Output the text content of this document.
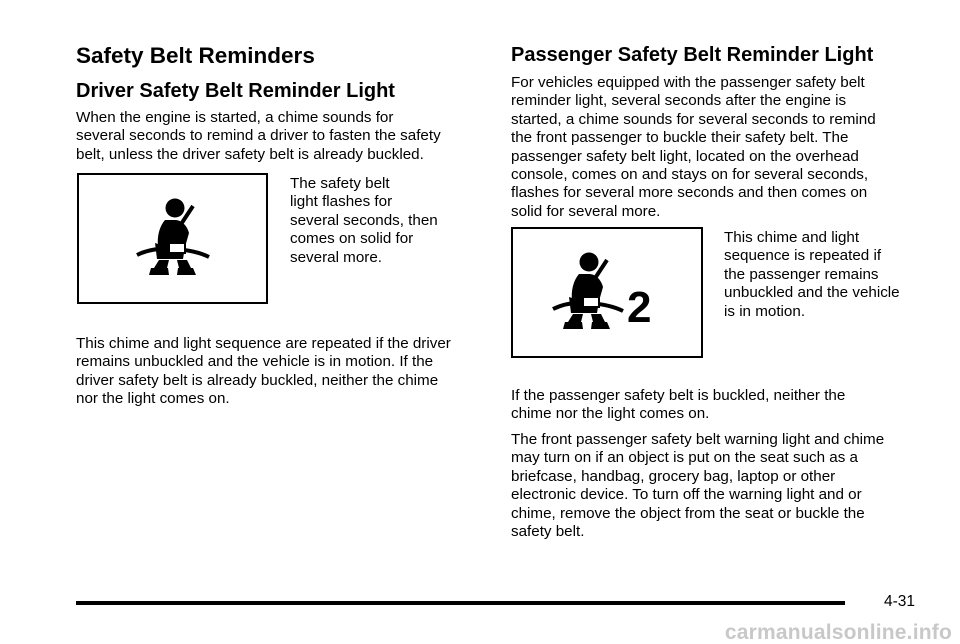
Safety Belt Reminders
Driver Safety Belt Reminder Light

When the engine is started, a chime sounds for
several seconds to remind a driver to fasten the safety
belt, unless the driver safety belt is already buckled.

The safety belt
light flashes for
several seconds, then
comes on solid for
several more.

This chime and light sequence are repeated if the driver
remains unbuckled and the vehicle is in motion. If the
driver safety belt is already buckled, neither the chime
nor the light comes on.

Passenger Safety Belt Reminder Light

For vehicles equipped with the passenger safety belt
reminder light, several seconds after the engine is
started, a chime sounds for several seconds to remind
the front passenger to buckle their safety belt. The
passenger safety belt light, located on the overhead
console, comes on and stays on for several seconds,
flashes for several more seconds and then comes on
solid for several more.

2

This chime and light
sequence is repeated if
the passenger remains
unbuckled and the vehicle
is in motion.

If the passenger safety belt is buckled, neither the
chime nor the light comes on.

The front passenger safety belt warning light and chime
may turn on if an object is put on the seat such as a
briefcase, handbag, grocery bag, laptop or other
electronic device. To turn off the warning light and or
chime, remove the object from the seat or buckle the
safety belt.

4-31
carmanualsonline.info
